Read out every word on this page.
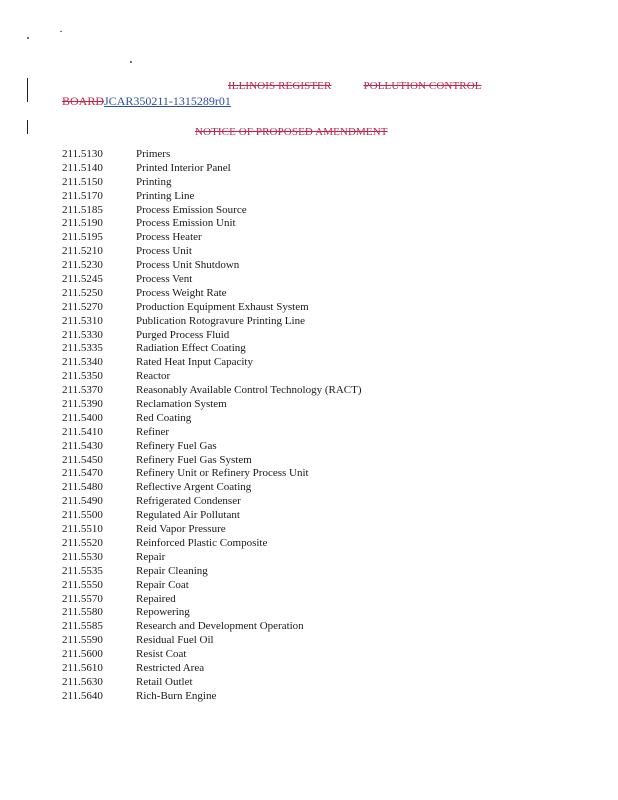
ILLINOIS REGISTER	POLLUTION CONTROL
BOARDJCAR350211-1315289r01
NOTICE OF PROPOSED AMENDMENT
211.5130	Primers
211.5140	Printed Interior Panel
211.5150	Printing
211.5170	Printing Line
211.5185	Process Emission Source
211.5190	Process Emission Unit
211.5195	Process Heater
211.5210	Process Unit
211.5230	Process Unit Shutdown
211.5245	Process Vent
211.5250	Process Weight Rate
211.5270	Production Equipment Exhaust System
211.5310	Publication Rotogravure Printing Line
211.5330	Purged Process Fluid
211.5335	Radiation Effect Coating
211.5340	Rated Heat Input Capacity
211.5350	Reactor
211.5370	Reasonably Available Control Technology (RACT)
211.5390	Reclamation System
211.5400	Red Coating
211.5410	Refiner
211.5430	Refinery Fuel Gas
211.5450	Refinery Fuel Gas System
211.5470	Refinery Unit or Refinery Process Unit
211.5480	Reflective Argent Coating
211.5490	Refrigerated Condenser
211.5500	Regulated Air Pollutant
211.5510	Reid Vapor Pressure
211.5520	Reinforced Plastic Composite
211.5530	Repair
211.5535	Repair Cleaning
211.5550	Repair Coat
211.5570	Repaired
211.5580	Repowering
211.5585	Research and Development Operation
211.5590	Residual Fuel Oil
211.5600	Resist Coat
211.5610	Restricted Area
211.5630	Retail Outlet
211.5640	Rich-Burn Engine
